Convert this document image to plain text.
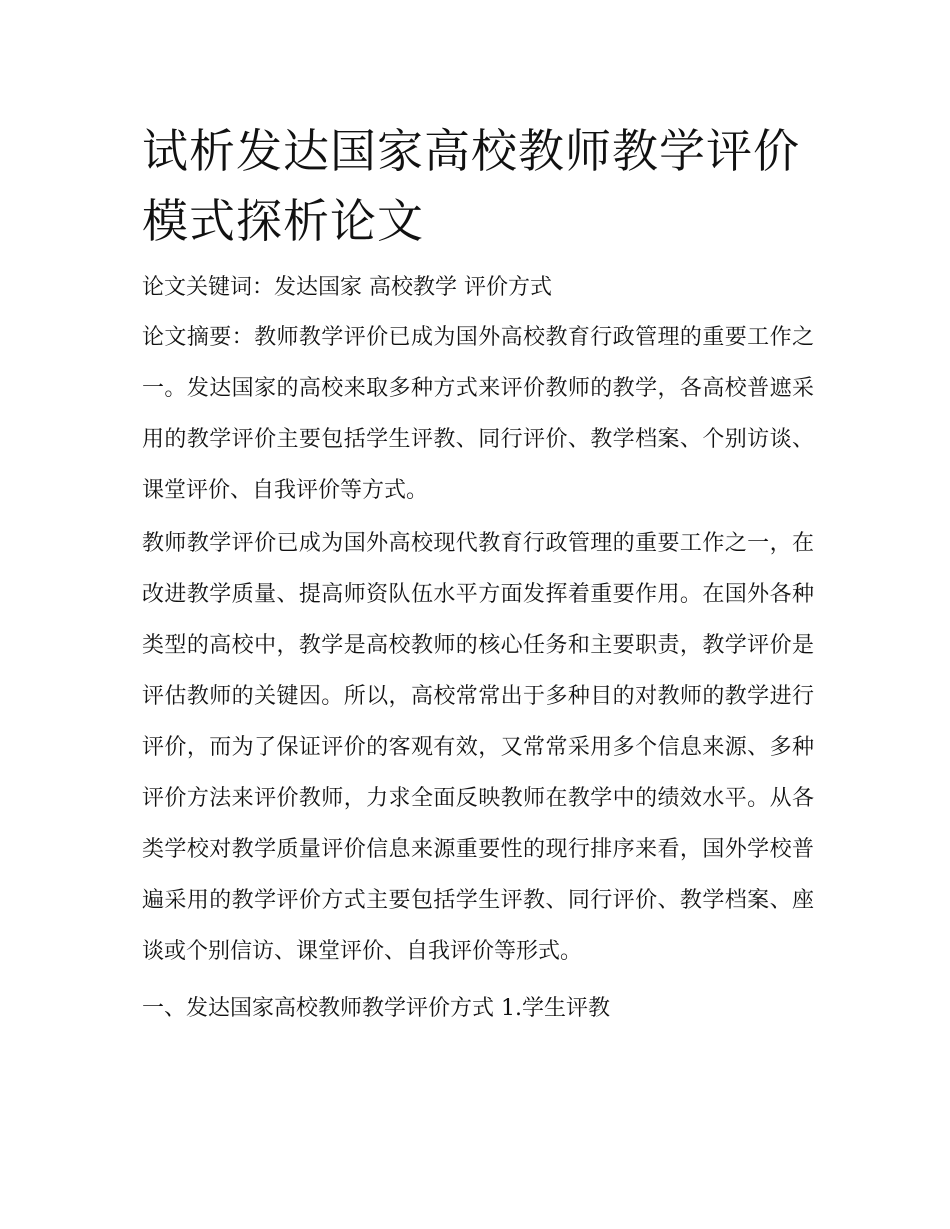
试析发达国家高校教师教学评价模式探析论文

论文关键词：发达国家 高校教学 评价方式

论文摘要：教师教学评价已成为国外高校教育行政管理的重要工作之一。发达国家的高校来取多种方式来评价教师的教学，各高校普遮采用的教学评价主要包括学生评教、同行评价、教学档案、个别访谈、课堂评价、自我评价等方式。

教师教学评价已成为国外高校现代教育行政管理的重要工作之一，在改进教学质量、提高师资队伍水平方面发挥着重要作用。在国外各种类型的高校中，教学是高校教师的核心任务和主要职责，教学评价是评估教师的关键因。所以，高校常常出于多种目的对教师的教学进行评价，而为了保证评价的客观有效，又常常采用多个信息来源、多种评价方法来评价教师，力求全面反映教师在教学中的绩效水平。从各类学校对教学质量评价信息来源重要性的现行排序来看，国外学校普遍采用的教学评价方式主要包括学生评教、同行评价、教学档案、座谈或个别信访、课堂评价、自我评价等形式。

一、发达国家高校教师教学评价方式 1.学生评教
